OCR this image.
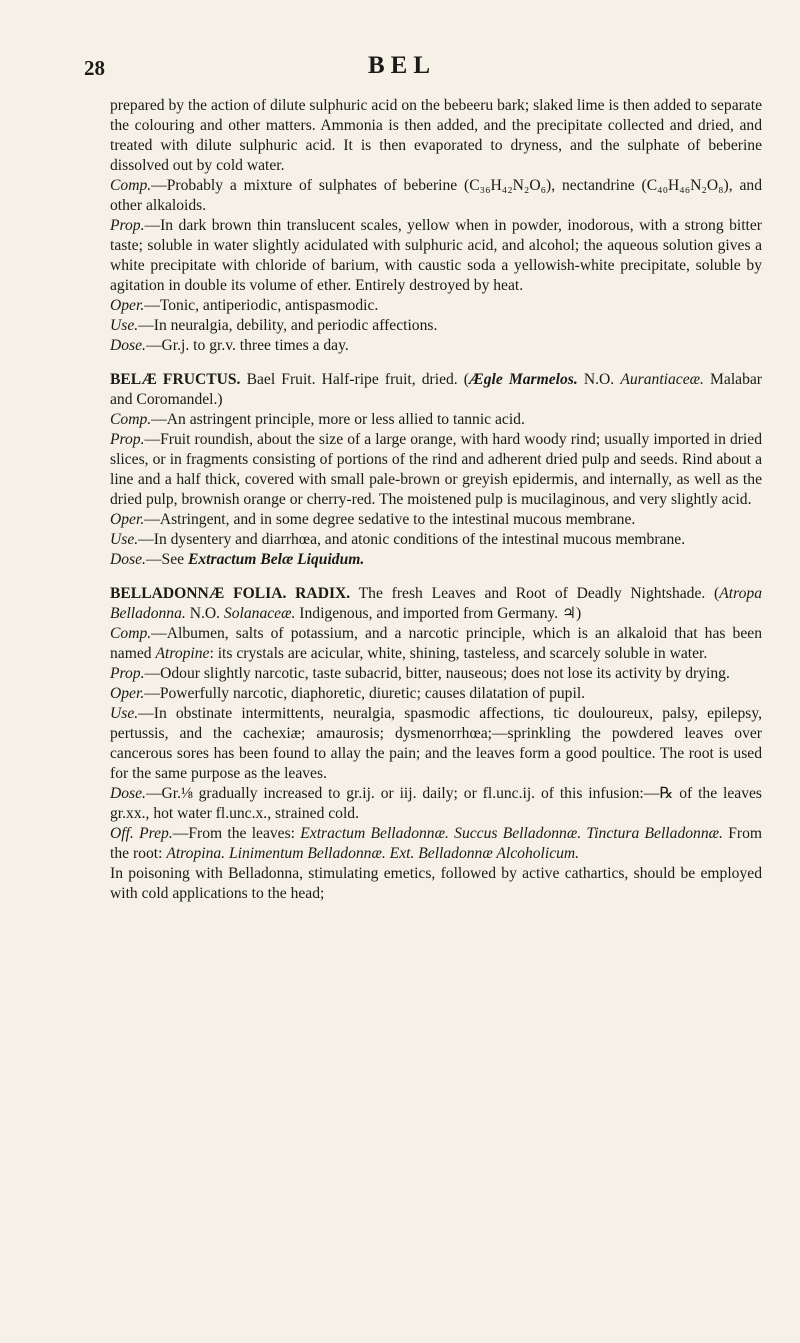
28	BEL

prepared by the action of dilute sulphuric acid on the bebeeru bark; slaked lime is then added to separate the colouring and other matters. Ammonia is then added, and the precipitate collected and dried, and treated with dilute sulphuric acid. It is then evaporated to dryness, and the sulphate of beberine dissolved out by cold water.

Comp.—Probably a mixture of sulphates of beberine (C₃₆H₄₂N₂O₆), nectandrine (C₄₀H₄₆N₂O₈), and other alkaloids.

Prop.—In dark brown thin translucent scales, yellow when in powder, inodorous, with a strong bitter taste; soluble in water slightly acidulated with sulphuric acid, and alcohol; the aqueous solution gives a white precipitate with chloride of barium, with caustic soda a yellowish-white precipitate, soluble by agitation in double its volume of ether. Entirely destroyed by heat.

Oper.—Tonic, antiperiodic, antispasmodic.

Use.—In neuralgia, debility, and periodic affections.

Dose.—Gr.j. to gr.v. three times a day.

BELÆ FRUCTUS. Bael Fruit. Half-ripe fruit, dried. (Ægle Marmelos. N.O. Aurantiaceæ. Malabar and Coromandel.)

Comp.—An astringent principle, more or less allied to tannic acid.

Prop.—Fruit roundish, about the size of a large orange, with hard woody rind; usually imported in dried slices, or in fragments consisting of portions of the rind and adherent dried pulp and seeds. Rind about a line and a half thick, covered with small pale-brown or greyish epidermis, and internally, as well as the dried pulp, brownish orange or cherry-red. The moistened pulp is mucilaginous, and very slightly acid.

Oper.—Astringent, and in some degree sedative to the intestinal mucous membrane.

Use.—In dysentery and diarrhœa, and atonic conditions of the intestinal mucous membrane.

Dose.—See Extractum Belæ Liquidum.

BELLADONNÆ FOLIA. RADIX. The fresh Leaves and Root of Deadly Nightshade. (Atropa Belladonna. N.O. Solanaceæ. Indigenous, and imported from Germany. ♃)

Comp.—Albumen, salts of potassium, and a narcotic principle, which is an alkaloid that has been named Atropine: its crystals are acicular, white, shining, tasteless, and scarcely soluble in water.

Prop.—Odour slightly narcotic, taste subacrid, bitter, nauseous; does not lose its activity by drying.

Oper.—Powerfully narcotic, diaphoretic, diuretic; causes dilatation of pupil.

Use.—In obstinate intermittents, neuralgia, spasmodic affections, tic douloureux, palsy, epilepsy, pertussis, and the cachexiæ; amaurosis; dysmenorrhœa;—sprinkling the powdered leaves over cancerous sores has been found to allay the pain; and the leaves form a good poultice. The root is used for the same purpose as the leaves.

Dose.—Gr.⅛ gradually increased to gr.ij. or iij. daily; or fl.unc.ij. of this infusion:—℞ of the leaves gr.xx., hot water fl.unc.x., strained cold.

Off. Prep.—From the leaves: Extractum Belladonnæ. Succus Belladonnæ. Tinctura Belladonnæ. From the root: Atropina. Linimentum Belladonnæ. Ext. Belladonnæ Alcoholicum.

In poisoning with Belladonna, stimulating emetics, followed by active cathartics, should be employed with cold applications to the head;
